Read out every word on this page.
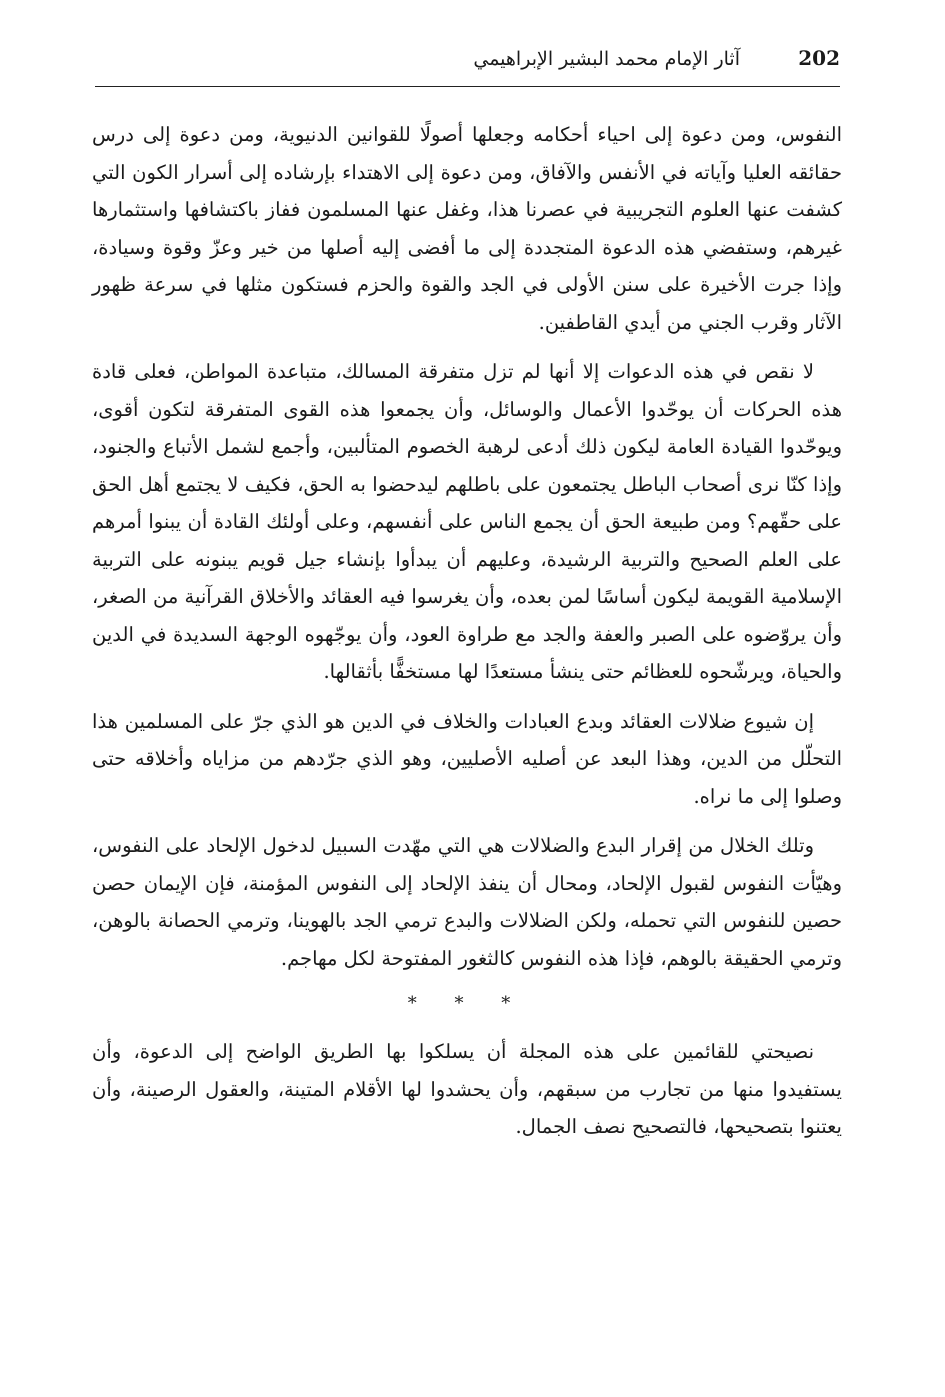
202
آثار الإمام محمد البشير الإبراهيمي

النفوس، ومن دعوة إلى احياء أحكامه وجعلها أصولًا للقوانين الدنيوية، ومن دعوة إلى درس حقائقه العليا وآياته في الأنفس والآفاق، ومن دعوة إلى الاهتداء بإرشاده إلى أسرار الكون التي كشفت عنها العلوم التجريبية في عصرنا هذا، وغفل عنها المسلمون ففاز باكتشافها واستثمارها غيرهم، وستفضي هذه الدعوة المتجددة إلى ما أفضى إليه أصلها من خير وعزّ وقوة وسيادة، وإذا جرت الأخيرة على سنن الأولى في الجد والقوة والحزم فستكون مثلها في سرعة ظهور الآثار وقرب الجني من أيدي القاطفين.

لا نقص في هذه الدعوات إلا أنها لم تزل متفرقة المسالك، متباعدة المواطن، فعلى قادة هذه الحركات أن يوحّدوا الأعمال والوسائل، وأن يجمعوا هذه القوى المتفرقة لتكون أقوى، ويوحّدوا القيادة العامة ليكون ذلك أدعى لرهبة الخصوم المتألبين، وأجمع لشمل الأتباع والجنود، وإذا كنّا نرى أصحاب الباطل يجتمعون على باطلهم ليدحضوا به الحق، فكيف لا يجتمع أهل الحق على حقّهم؟ ومن طبيعة الحق أن يجمع الناس على أنفسهم، وعلى أولئك القادة أن يبنوا أمرهم على العلم الصحيح والتربية الرشيدة، وعليهم أن يبدأوا بإنشاء جيل قويم يبنونه على التربية الإسلامية القويمة ليكون أساسًا لمن بعده، وأن يغرسوا فيه العقائد والأخلاق القرآنية من الصغر، وأن يروّضوه على الصبر والعفة والجد مع طراوة العود، وأن يوجّهوه الوجهة السديدة في الدين والحياة، ويرشّحوه للعظائم حتى ينشأ مستعدًا لها مستخفًّا بأثقالها.

إن شيوع ضلالات العقائد وبدع العبادات والخلاف في الدين هو الذي جرّ على المسلمين هذا التحلّل من الدين، وهذا البعد عن أصليه الأصليين، وهو الذي جرّدهم من مزاياه وأخلاقه حتى وصلوا إلى ما نراه.

وتلك الخلال من إقرار البدع والضلالات هي التي مهّدت السبيل لدخول الإلحاد على النفوس، وهيّأت النفوس لقبول الإلحاد، ومحال أن ينفذ الإلحاد إلى النفوس المؤمنة، فإن الإيمان حصن حصين للنفوس التي تحمله، ولكن الضلالات والبدع ترمي الجد بالهوينا، وترمي الحصانة بالوهن، وترمي الحقيقة بالوهم، فإذا هذه النفوس كالثغور المفتوحة لكل مهاجم.

* * *

نصيحتي للقائمين على هذه المجلة أن يسلكوا بها الطريق الواضح إلى الدعوة، وأن يستفيدوا منها من تجارب من سبقهم، وأن يحشدوا لها الأقلام المتينة، والعقول الرصينة، وأن يعتنوا بتصحيحها، فالتصحيح نصف الجمال.
